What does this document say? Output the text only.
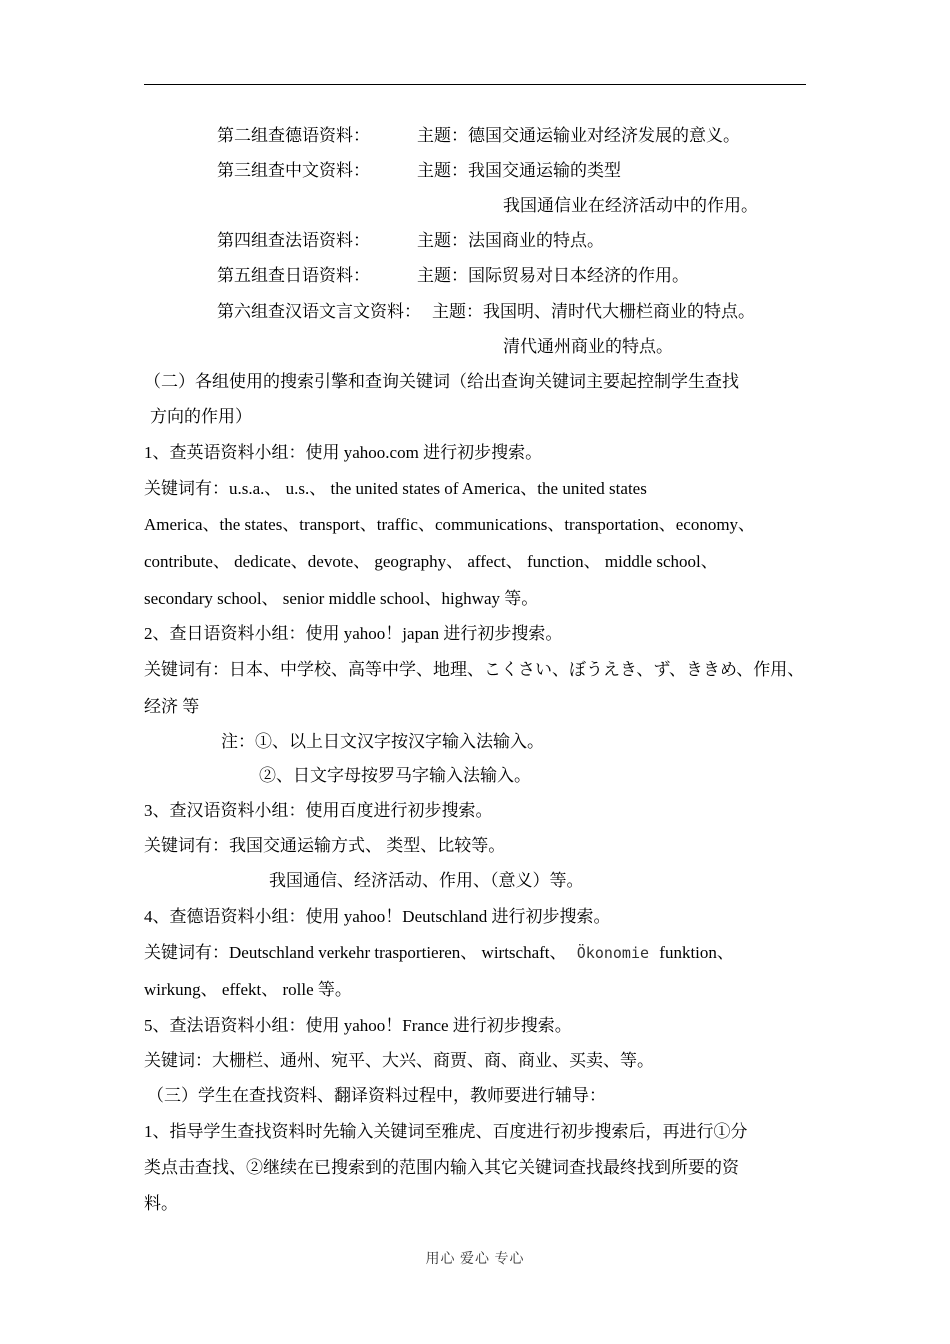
第二组查德语资料：	主题：德国交通运输业对经济发展的意义。
第三组查中文资料：	主题：我国交通运输的类型
我国通信业在经济活动中的作用。
第四组查法语资料：	主题：法国商业的特点。
第五组查日语资料：	主题：国际贸易对日本经济的作用。
第六组查汉语文言文资料： 主题：我国明、清时代大栅栏商业的特点。
清代通州商业的特点。
（二）各组使用的搜索引擎和查询关键词（给出查询关键词主要起控制学生查找
方向的作用）
1、查英语资料小组：使用 yahoo.com 进行初步搜索。
关键词有：u.s.a.、 u.s.、 the united states of America、the united states
America、the states、transport、traffic、communications、transportation、economy、
contribute、 dedicate、devote、 geography、 affect、 function、 middle school、
secondary school、 senior middle school、highway 等。
2、查日语资料小组：使用 yahoo！japan 进行初步搜索。
关键词有：日本、中学校、高等中学、地理、こくさい、ぼうえき、ず、ききめ、作用、
经济 等
注：①、以上日文汉字按汉字输入法输入。
②、日文字母按罗马字输入法输入。
3、查汉语资料小组：使用百度进行初步搜索。
关键词有：我国交通运输方式、 类型、比较等。
我国通信、经济活动、作用、（意义）等。
4、查德语资料小组：使用 yahoo！Deutschland 进行初步搜索。
关键词有：Deutschland verkehr trasportieren、 wirtschaft、 Ökonomie funktion、
wirkung、 effekt、 rolle 等。
5、查法语资料小组：使用 yahoo！France 进行初步搜索。
关键词：大栅栏、通州、宛平、大兴、商贾、商、商业、买卖、等。
（三）学生在查找资料、翻译资料过程中，教师要进行辅导：
1、指导学生查找资料时先输入关键词至雅虎、百度进行初步搜索后，再进行①分
类点击查找、②继续在已搜索到的范围内输入其它关键词查找最终找到所要的资
料。
用心 爱心 专心
